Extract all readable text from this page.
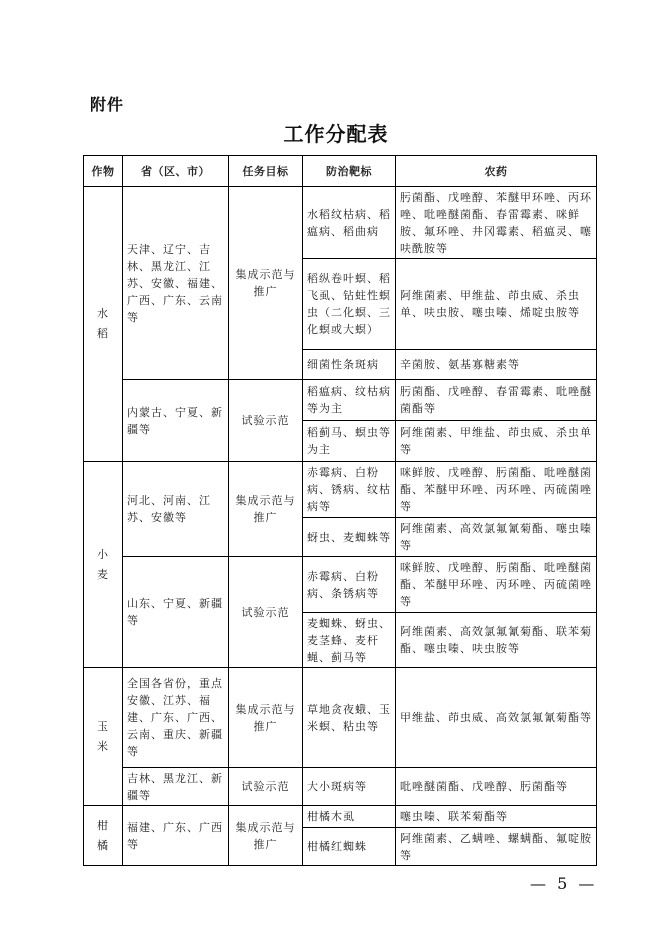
附件
工作分配表
作物	省（区、市）	任务目标	防治靶标	农药

水
稻	天津、辽宁、吉林、黑龙江、江苏、安徽、福建、广西、广东、云南等	集成示范与推广	水稻纹枯病、稻瘟病、稻曲病	肟菌酯、戊唑醇、苯醚甲环唑、丙环唑、吡唑醚菌酯、春雷霉素、咪鲜胺、氟环唑、井冈霉素、稻瘟灵、噻呋酰胺等
			稻纵卷叶螟、稻飞虱、钻蛀性螟虫（二化螟、三化螟或大螟）	阿维菌素、甲维盐、茚虫威、杀虫单、呋虫胺、噻虫嗪、烯啶虫胺等
			细菌性条斑病	辛菌胺、氨基寡糖素等
	内蒙古、宁夏、新疆等	试验示范	稻瘟病、纹枯病等为主	肟菌酯、戊唑醇、春雷霉素、吡唑醚菌酯等
			稻蓟马、螟虫等为主	阿维菌素、甲维盐、茚虫威、杀虫单等

小
麦	河北、河南、江苏、安徽等	集成示范与推广	赤霉病、白粉病、锈病、纹枯病等	咪鲜胺、戊唑醇、肟菌酯、吡唑醚菌酯、苯醚甲环唑、丙环唑、丙硫菌唑等
			蚜虫、麦蜘蛛等	阿维菌素、高效氯氟氰菊酯、噻虫嗪等
	山东、宁夏、新疆等	试验示范	赤霉病、白粉病、条锈病等	咪鲜胺、戊唑醇、肟菌酯、吡唑醚菌酯、苯醚甲环唑、丙环唑、丙硫菌唑等
			麦蜘蛛、蚜虫、麦茎蜂、麦杆蝇、蓟马等	阿维菌素、高效氯氟氰菊酯、联苯菊酯、噻虫嗪、呋虫胺等

玉
米	全国各省份，重点安徽、江苏、福建、广东、广西、云南、重庆、新疆等	集成示范与推广	草地贪夜蛾、玉米螟、粘虫等	甲维盐、茚虫威、高效氯氟氰菊酯等
	吉林、黑龙江、新疆等	试验示范	大小斑病等	吡唑醚菌酯、戊唑醇、肟菌酯等

柑
橘	福建、广东、广西等	集成示范与推广	柑橘木虱	噻虫嗪、联苯菊酯等
			柑橘红蜘蛛	阿维菌素、乙螨唑、螺螨酯、氟啶胺等
— 5 —
